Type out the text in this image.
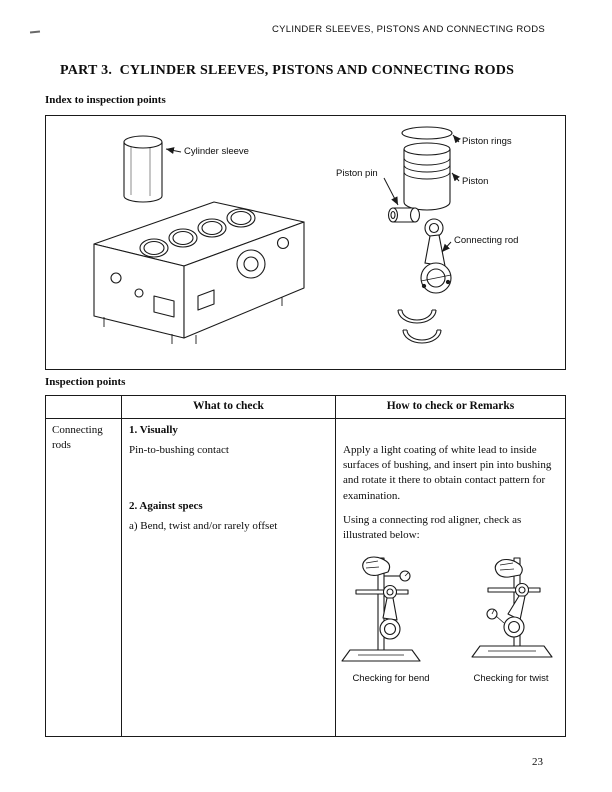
CYLINDER SLEEVES, PISTONS AND CONNECTING RODS
PART 3.  CYLINDER SLEEVES, PISTONS AND CONNECTING RODS
Index to inspection points
Cylinder sleeve
Piston rings
Piston pin
Piston
Connecting rod
Inspection points
What to check	How to check or Remarks
Connecting rods
1. Visually
Pin-to-bushing contact	Apply a light coating of white lead to inside surfaces of bushing, and insert pin into bushing and rotate it there to obtain contact pattern for examination.
2. Against specs
a) Bend, twist and/or rarely offset	Using a connecting rod aligner, check as illustrated below:
Checking for bend	Checking for twist
23
